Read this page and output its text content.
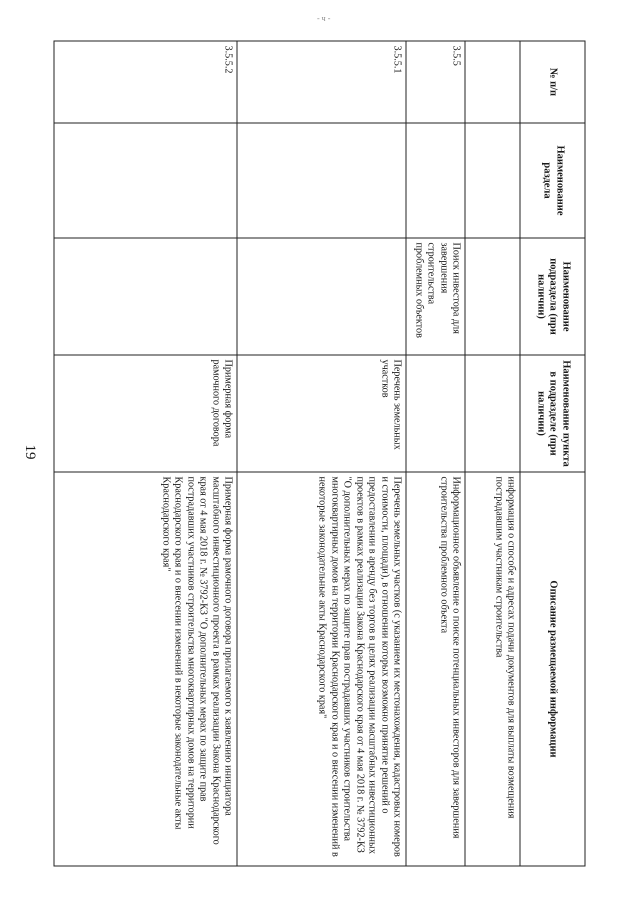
- ч -
19
№ п/п	Наименование раздела	Наименование подраздела (при наличии)	Наименование пункта в подразделе (при наличии)	Описание размещаемой информации
				информация о способе и адресах подачи документов для выплаты возмещения пострадавшим участникам строительства
3.5.5		Поиск инвестора для завершения строительства проблемных объектов		Информационное объявление о поиске потенциальных инвесторов для завершения строительства проблемного объекта
3.5.5.1			Перечень земельных участков	Перечень земельных участков (с указанием их местонахождения, кадастровых номеров и стоимости, площади), в отношении которых возможно принятие решений о предоставлении в аренду без торгов в целях реализации масштабных инвестиционных проектов в рамках реализации Закона Краснодарского края от 4 мая 2018 г. № 3792-КЗ "О дополнительных мерах по защите прав пострадавших участников строительства многоквартирных домов на территории Краснодарского края и о внесении изменений в некоторые законодательные акты Краснодарского края"
3.5.5.2			Примерная форма рамочного договора	Примерная форма рамочного договора прилагаемого к заявлению инициатора масштабного инвестиционного проекта в рамках реализации Закона Краснодарского края от 4 мая 2018 г. № 3792-КЗ "О дополнительных мерах по защите прав пострадавших участников строительства многоквартирных домов на территории Краснодарского края и о внесении изменений в некоторые законодательные акты Краснодарского края"
